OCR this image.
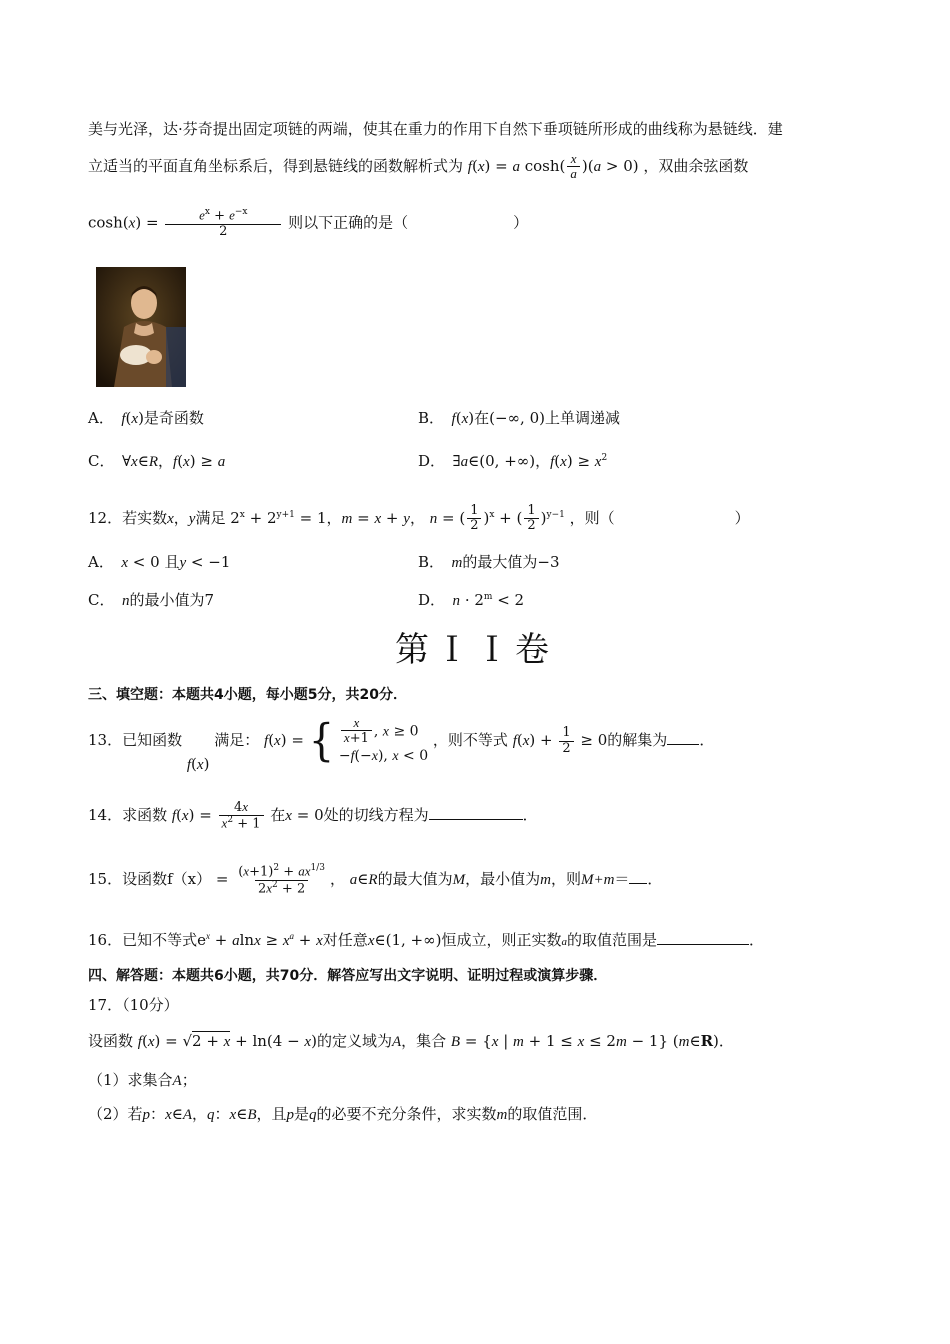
美与光泽，达·芬奇提出固定项链的两端，使其在重力的作用下自然下垂项链所形成的曲线称为悬链线．建
立适当的平面直角坐标系后，得到悬链线的函数解析式为 f(x) = a $\cosh( \frac{x}{a} )(a > 0)$ ，双曲余弦函数
$\cosh(x) = \frac{e^x + e^{-x}}{2}$ 则以下正确的是（　　　　　　　）
A．　 f(x)是奇函数	B．　 f(x)在(−∞, 0)上单调递减
C．　∀x∈R，f(x) ≥ a	D．　∃a∈(0, +∞)，$f(x) \ge x^2$
12．若实数x，y满足 $2^x + 2^{y+1} = 1$，m = x + y， n = ( $\frac{1}{2} )^x$ + ( $\frac{1}{2} )^{y-1}$ ，则（　　　　　　　　）
A．　 x < 0 且y < −1	B．　 m的最大值为−3
C．　 n的最小值为7	D．　 $n \cdot 2^m < 2$
第ＩＩ卷
三、填空题：本题共4小题，每小题5分，共20分．
13．已知函数 f(x) 满足： f(x) = { $\frac{x}{x+1}$ , x ≥ 0
−f(−x), x < 0
，则不等式 $f(x) + \frac{1}{2} \ge 0$的解集为 ．
14．求函数 $f(x) = \frac{4x}{x^2 + 1}$ 在x = 0处的切线方程为	．
15．设函数$f(x) = \frac{(x+1)^2 + ax^{1/3}}{2x^2 + 2}$ ， a∈R的最大值为M，最小值为m，则M+m＝ ．
16．已知不等式$e^x + alnx \ge x^a + x$对任意x∈(1, +∞)恒成立，则正实数a的取值范围是	．
四、解答题：本题共6小题，共70分．解答应写出文字说明、证明过程或演算步骤．
17．（10分）
设函数 f(x) = √2 + x + ln(4 − x)的定义域为A，集合 B = {x | m + 1 ≤ x ≤ 2m − 1} (m∈R)．
（1）求集合A；
（2）若p：x∈A，q：x∈B，且p是q的必要不充分条件，求实数m的取值范围．
